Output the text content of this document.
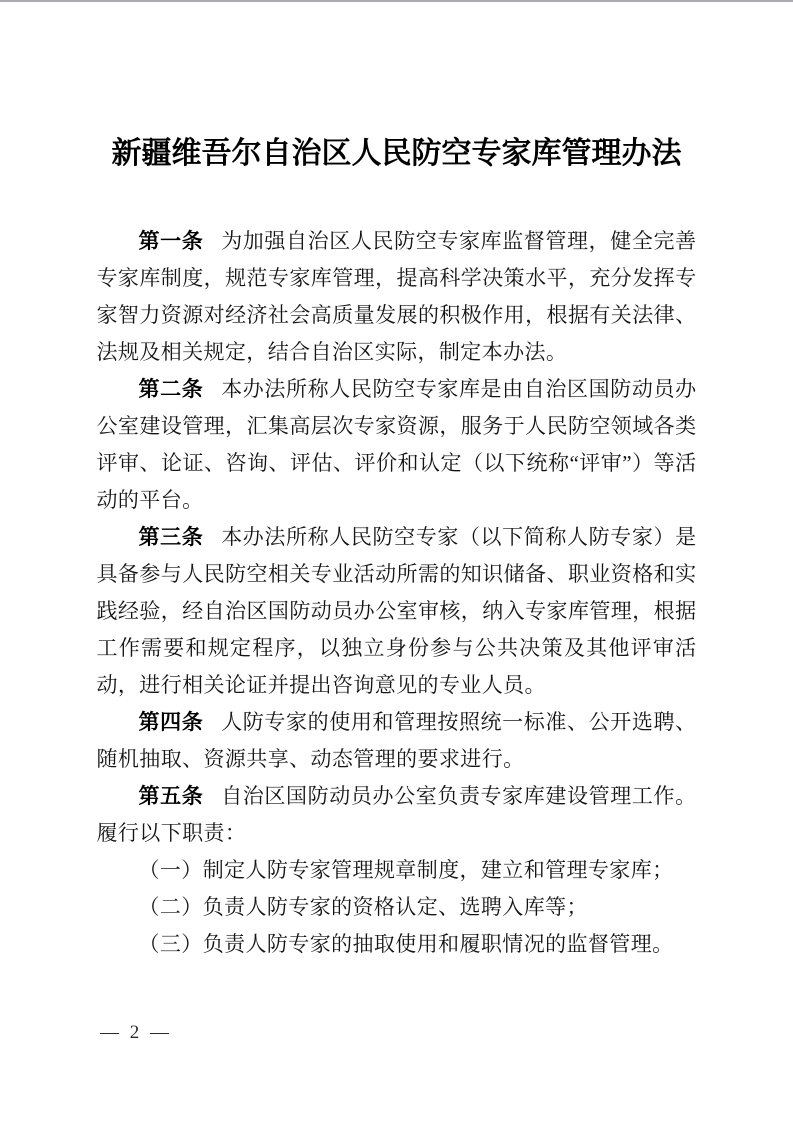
新疆维吾尔自治区人民防空专家库管理办法

第一条 为加强自治区人民防空专家库监督管理，健全完善专家库制度，规范专家库管理，提高科学决策水平，充分发挥专家智力资源对经济社会高质量发展的积极作用，根据有关法律、法规及相关规定，结合自治区实际，制定本办法。

第二条 本办法所称人民防空专家库是由自治区国防动员办公室建设管理，汇集高层次专家资源，服务于人民防空领域各类评审、论证、咨询、评估、评价和认定（以下统称“评审”）等活动的平台。

第三条 本办法所称人民防空专家（以下简称人防专家）是具备参与人民防空相关专业活动所需的知识储备、职业资格和实践经验，经自治区国防动员办公室审核，纳入专家库管理，根据工作需要和规定程序，以独立身份参与公共决策及其他评审活动，进行相关论证并提出咨询意见的专业人员。

第四条 人防专家的使用和管理按照统一标准、公开选聘、随机抽取、资源共享、动态管理的要求进行。

第五条 自治区国防动员办公室负责专家库建设管理工作。履行以下职责：

（一）制定人防专家管理规章制度，建立和管理专家库；

（二）负责人防专家的资格认定、选聘入库等；

（三）负责人防专家的抽取使用和履职情况的监督管理。

— 2 —
